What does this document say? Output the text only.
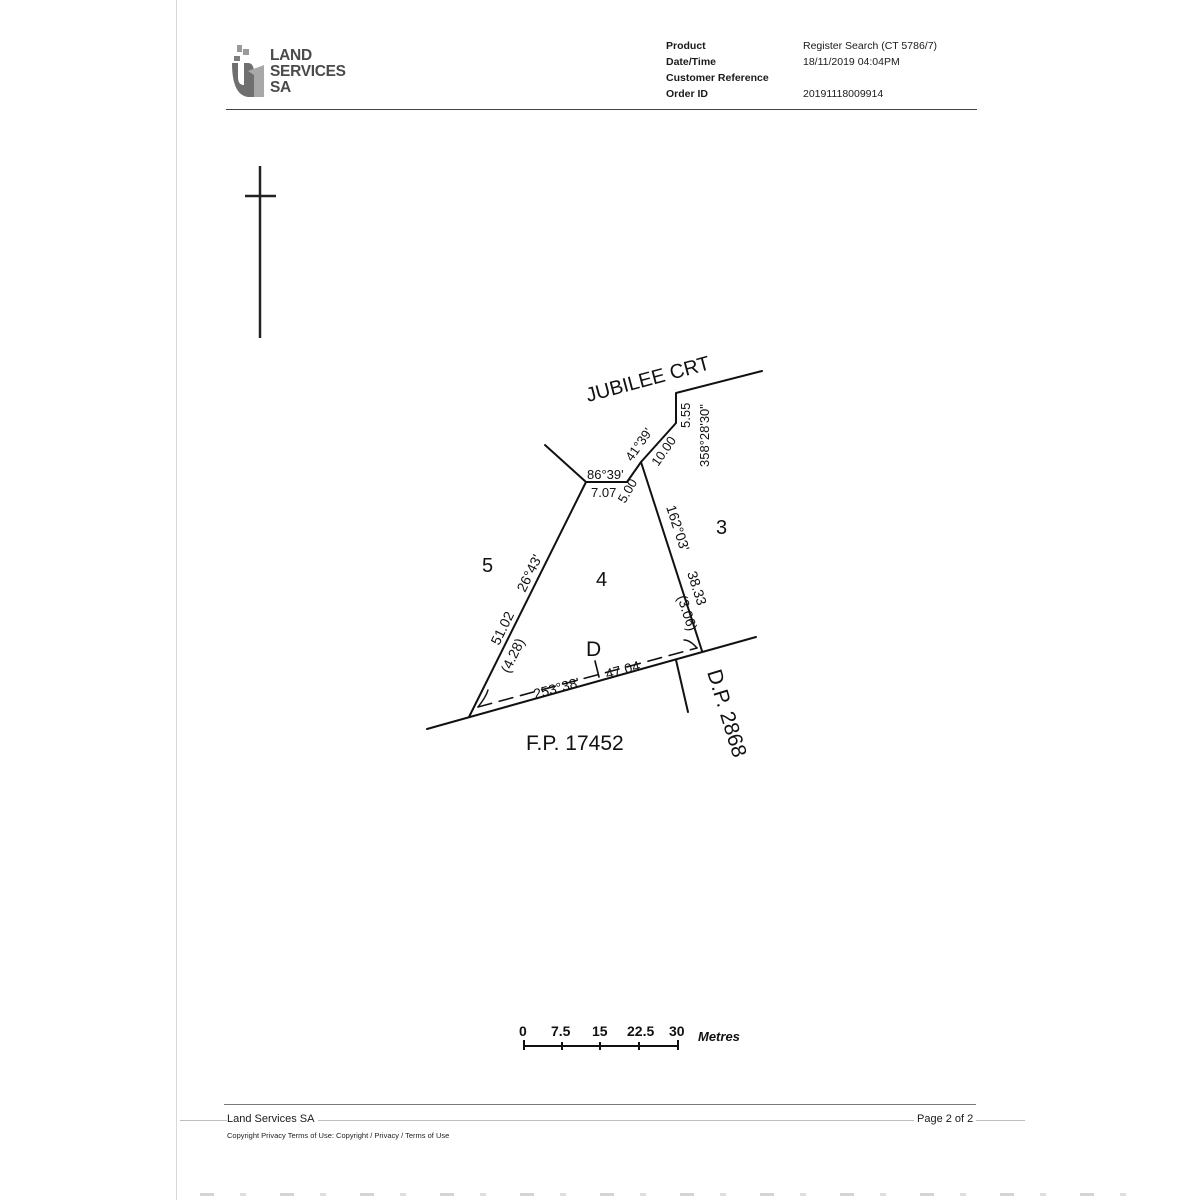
LAND
SERVICES
SA
Product	Register Search (CT 5786/7)
Date/Time	18/11/2019 04:04PM
Customer Reference
Order ID	20191118009914
JUBILEE CRT
4
5
3
D
F.P. 17452	D.P. 2868
26°43'
51.02
(4.28)
253°38'
47.04
162°03'
38.33
(3.06)
86°39'
7.07
5.00
41°39'
10.00
5.55 358°28'30"
0 7.5 15 22.5 30 Metres
Land Services SA	Page 2 of 2
Copyright Privacy Terms of Use: Copyright / Privacy / Terms of Use
